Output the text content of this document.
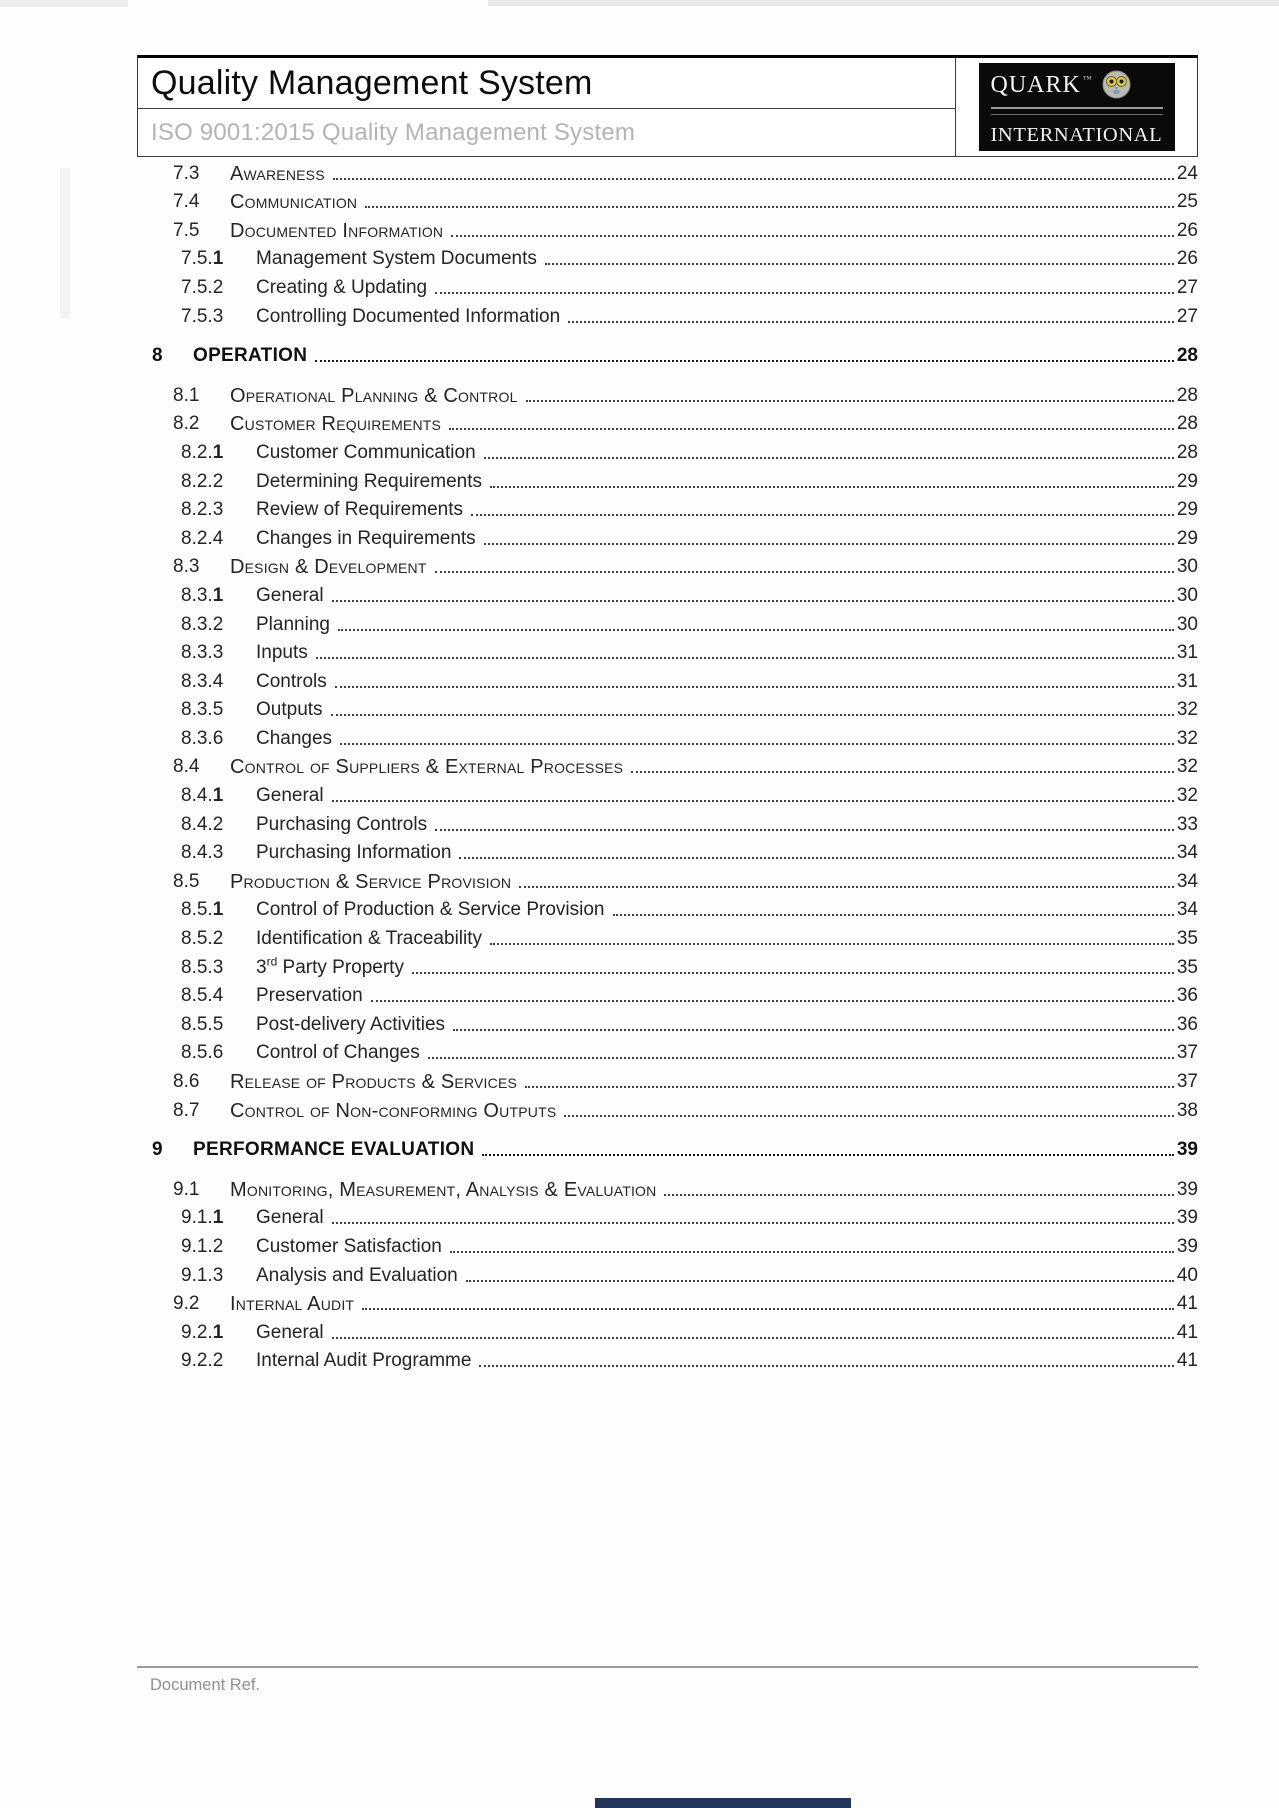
Quality Management System
ISO 9001:2015 Quality Management System
QUARK ™
INTERNATIONAL
7.3	Awareness	24
7.4	Communication	25
7.5	Documented Information	26
7.5.1	Management System Documents	26
7.5.2	Creating & Updating	27
7.5.3	Controlling Documented Information	27
8	OPERATION	28
8.1	Operational Planning & Control	28
8.2	Customer Requirements	28
8.2.1	Customer Communication	28
8.2.2	Determining Requirements	29
8.2.3	Review of Requirements	29
8.2.4	Changes in Requirements	29
8.3	Design & Development	30
8.3.1	General	30
8.3.2	Planning	30
8.3.3	Inputs	31
8.3.4	Controls	31
8.3.5	Outputs	32
8.3.6	Changes	32
8.4	Control of Suppliers & External Processes	32
8.4.1	General	32
8.4.2	Purchasing Controls	33
8.4.3	Purchasing Information	34
8.5	Production & Service Provision	34
8.5.1	Control of Production & Service Provision	34
8.5.2	Identification & Traceability	35
8.5.3	3rd Party Property	35
8.5.4	Preservation	36
8.5.5	Post-delivery Activities	36
8.5.6	Control of Changes	37
8.6	Release of Products & Services	37
8.7	Control of Non-conforming Outputs	38
9	PERFORMANCE EVALUATION	39
9.1	Monitoring, Measurement, Analysis & Evaluation	39
9.1.1	General	39
9.1.2	Customer Satisfaction	39
9.1.3	Analysis and Evaluation	40
9.2	Internal Audit	41
9.2.1	General	41
9.2.2	Internal Audit Programme	41
Document Ref.
